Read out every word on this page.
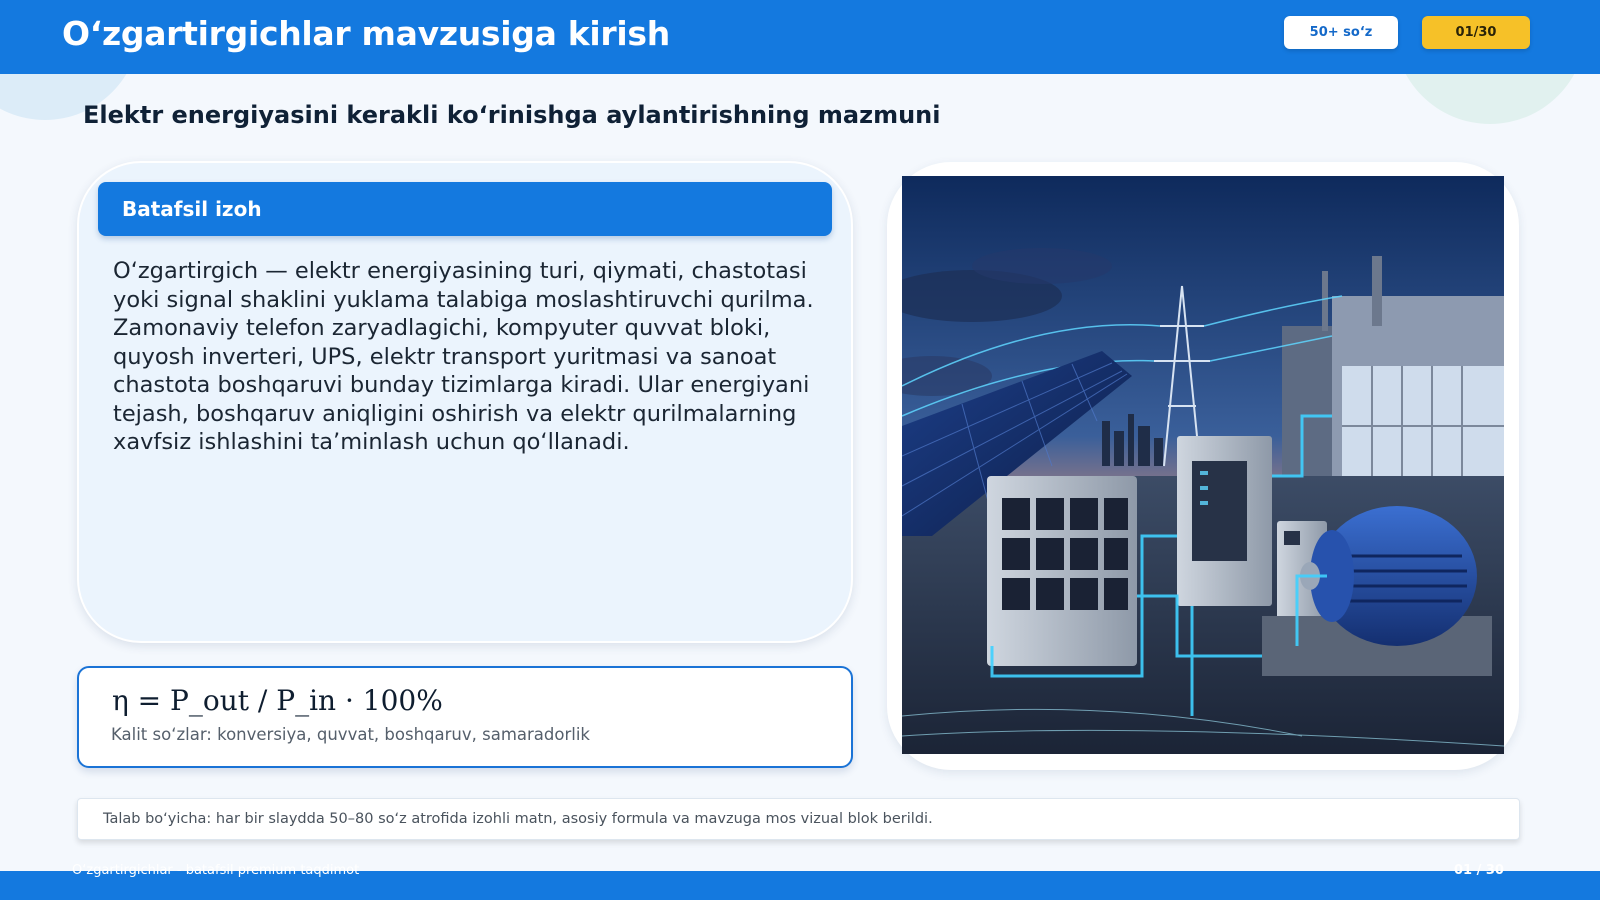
O‘zgartirgichlar mavzusiga kirish	50+ so‘z	01/30
Elektr energiyasini kerakli ko‘rinishga aylantirishning mazmuni
Batafsil izoh
O‘zgartirgich — elektr energiyasining turi, qiymati, chastotasi yoki signal shaklini yuklama talabiga moslashtiruvchi qurilma. Zamonaviy telefon zaryadlagichi, kompyuter quvvat bloki, quyosh inverteri, UPS, elektr transport yuritmasi va sanoat chastota boshqaruvi bunday tizimlarga kiradi. Ular energiyani tejash, boshqaruv aniqligini oshirish va elektr qurilmalarning xavfsiz ishlashini ta’minlash uchun qo‘llanadi.
η = P_out / P_in · 100%
Kalit so‘zlar: konversiya, quvvat, boshqaruv, samaradorlik
Talab bo‘yicha: har bir slaydda 50–80 so‘z atrofida izohli matn, asosiy formula va mavzuga mos vizual blok berildi.
O‘zgartirgichlar - batafsil premium taqdimot	01 / 30
